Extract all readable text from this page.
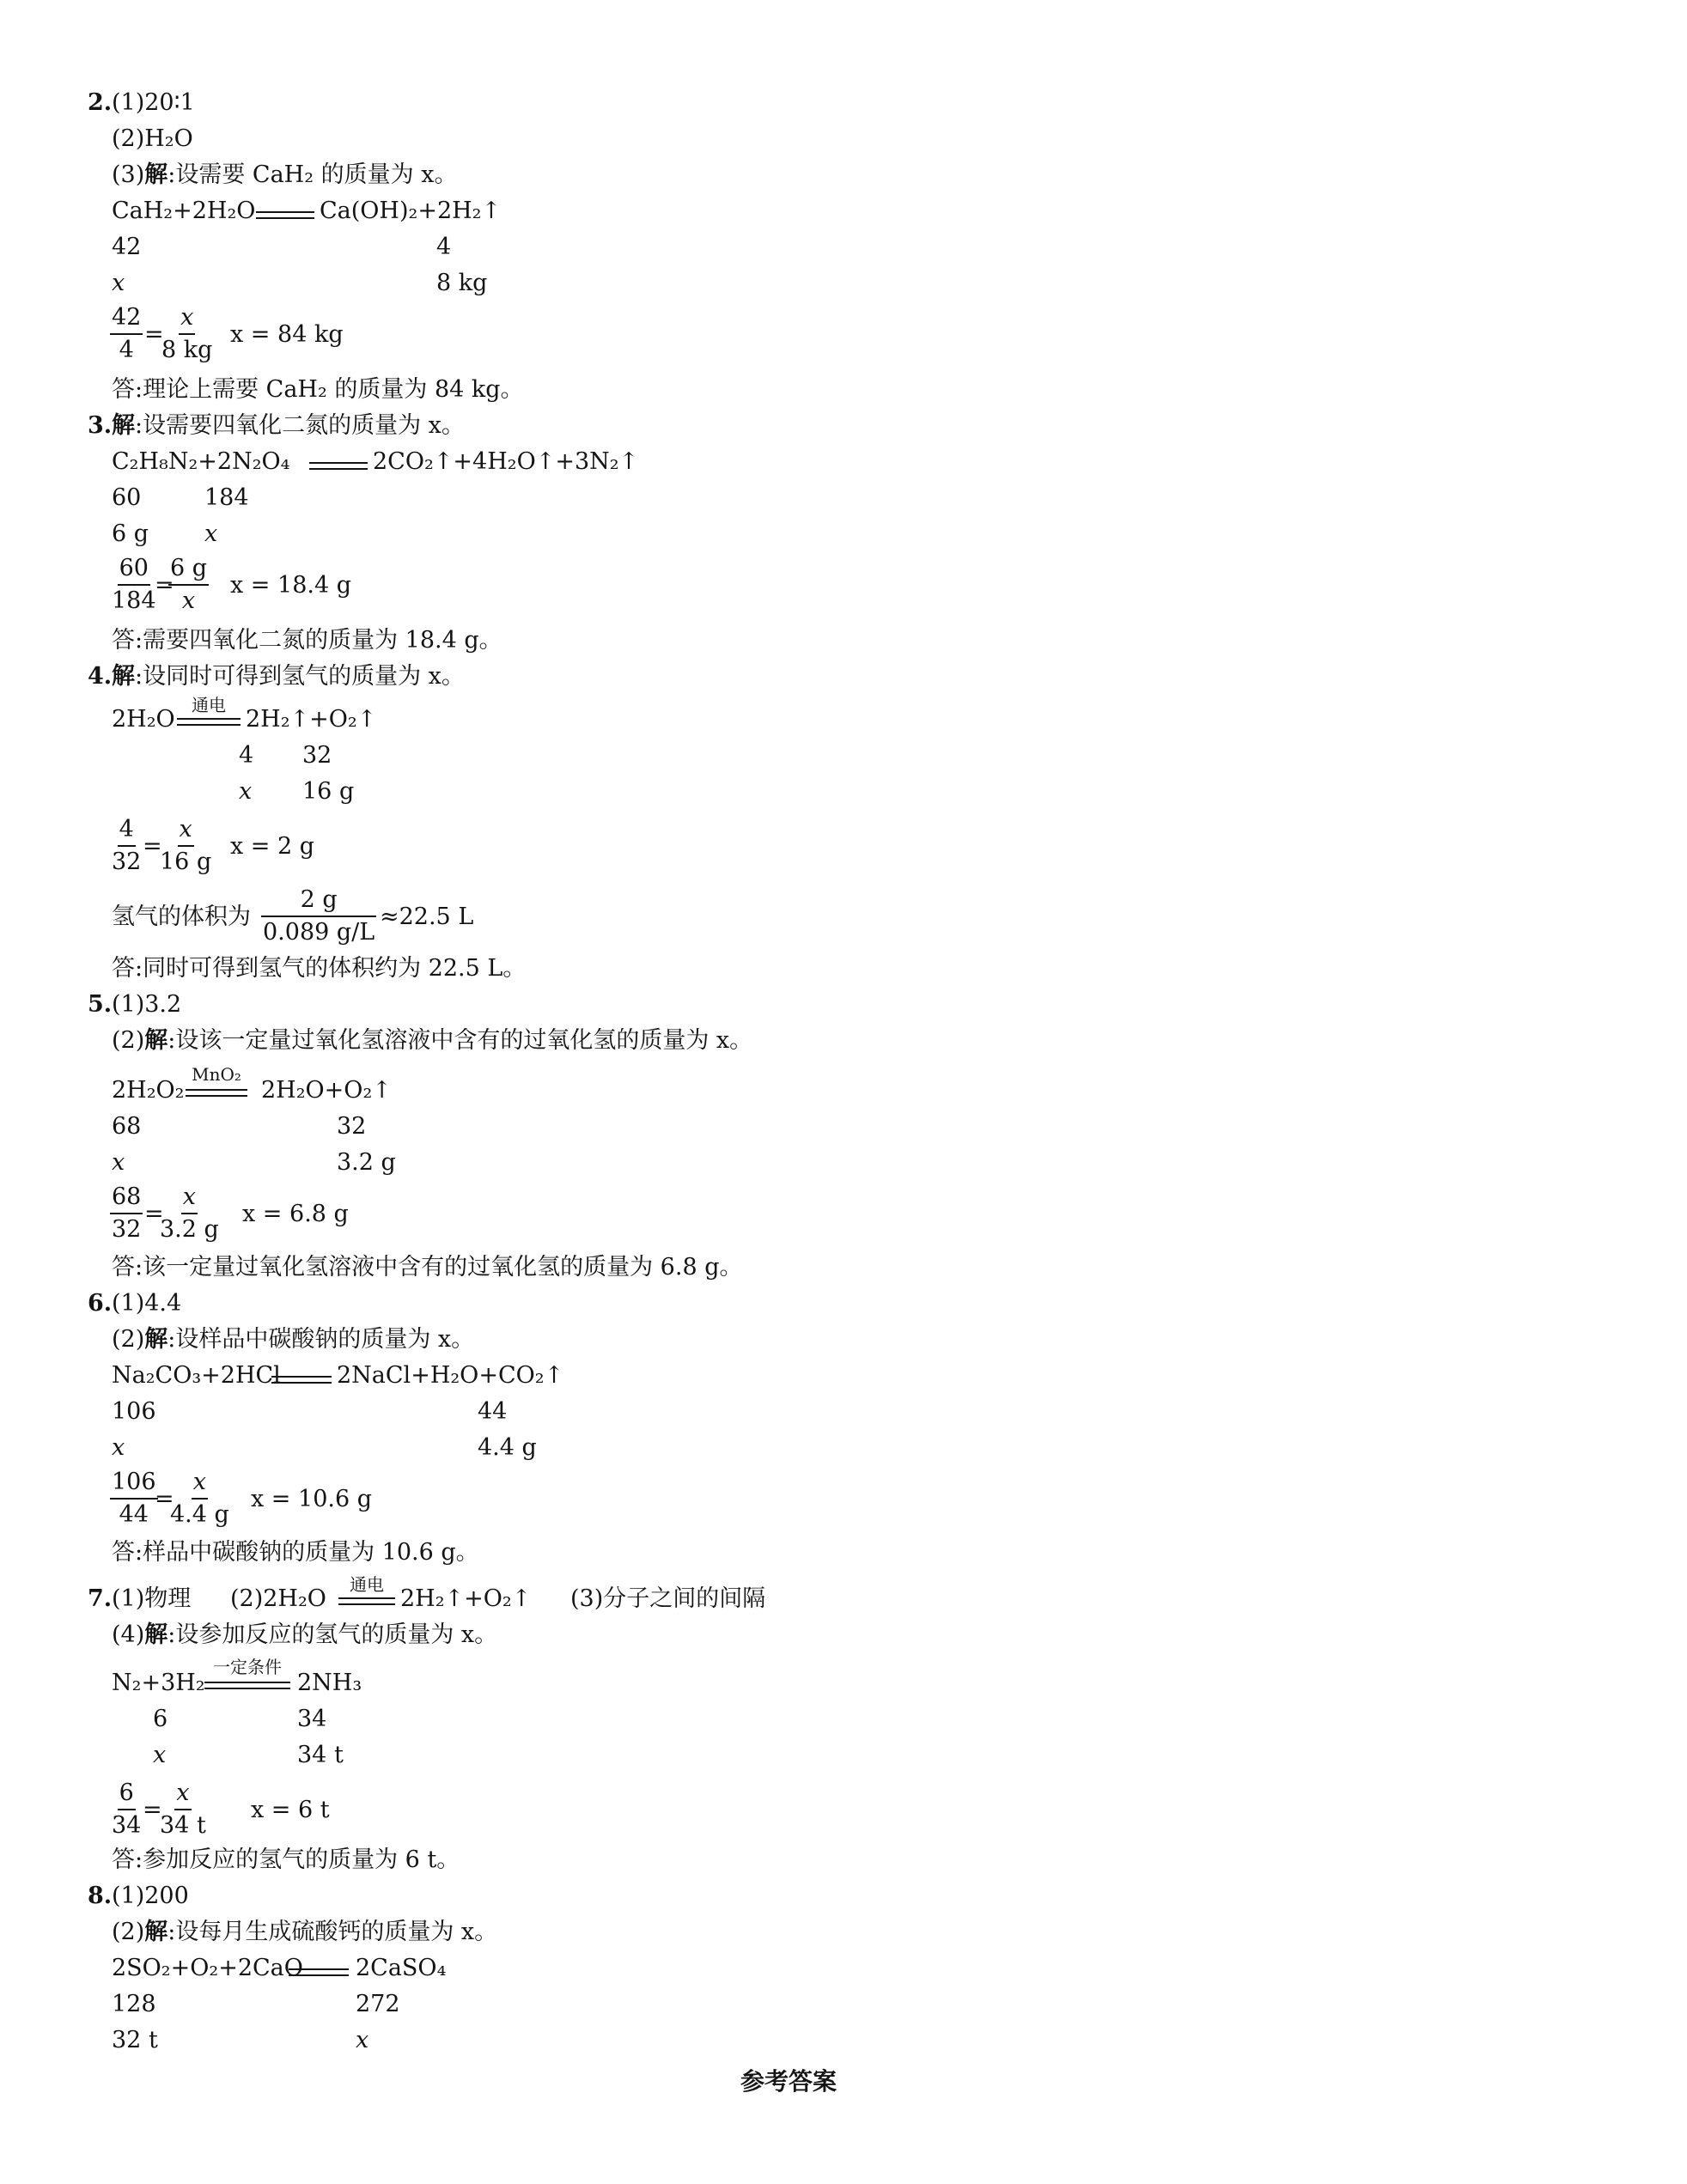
2. (1)20∶1
(2)H₂O
(3)解:设需要 CaH₂ 的质量为 x。
CaH₂+2H₂O	Ca(OH)₂+2H₂↑
42	4
x	8 kg
$\frac{42}{4}$ =
$\frac{x}{8 kg}$ x = 84 kg
答:理论上需要 CaH₂ 的质量为 84 kg。
3. 解:设需要四氧化二氮的质量为 x。
C₂H₈N₂+2N₂O₄	2CO₂↑+4H₂O↑+3N₂↑
60	184
6 g x
$\frac{60}{184}$
=
$\frac{6 g}{x}$ x = 18.4 g
答:需要四氧化二氮的质量为 18.4 g。
4. 解:设同时可得到氢气的质量为 x。
2H₂O
通电
2H₂↑+O₂↑
4 32
x 16 g
$\frac{4}{32}$ =
$\frac{x}{16 g}$ x = 2 g
氢气的体积为 $\frac{2 g}{0.089 g/L} \approx 22.5$ L
答:同时可得到氢气的体积约为 22.5 L。
5. (1)3.2
(2)解:设该一定量过氧化氢溶液中含有的过氧化氢的质量为 x。
2H₂O₂
MnO₂
2H₂O+O₂↑
68	32
x	3.2 g
$\frac{68}{32}$ =
$\frac{x}{3.2 g}$ x = 6.8 g
答:该一定量过氧化氢溶液中含有的过氧化氢的质量为 6.8 g。
6. (1)4.4
(2)解:设样品中碳酸钠的质量为 x。
Na₂CO₃+2HCl 2NaCl+H₂O+CO₂↑
106	44
x	4.4 g
$\frac{106}{44}$
=
$\frac{x}{4.4 g}$ x = 10.6 g
答:样品中碳酸钠的质量为 10.6 g。
7. (1)物理 (2)2H₂O
通电
2H₂↑+O₂↑ (3)分子之间的间隔
(4)解:设参加反应的氢气的质量为 x。
N₂+3H₂
一定条件
2NH₃
6	34
x	34 t
$\frac{6}{34}$ =
$\frac{x}{34 t}$ x = 6 t
答:参加反应的氢气的质量为 6 t。
8. (1)200
(2)解:设每月生成硫酸钙的质量为 x。
2SO₂+O₂+2CaO 2CaSO₄
128	272
32 t	x
参考答案
